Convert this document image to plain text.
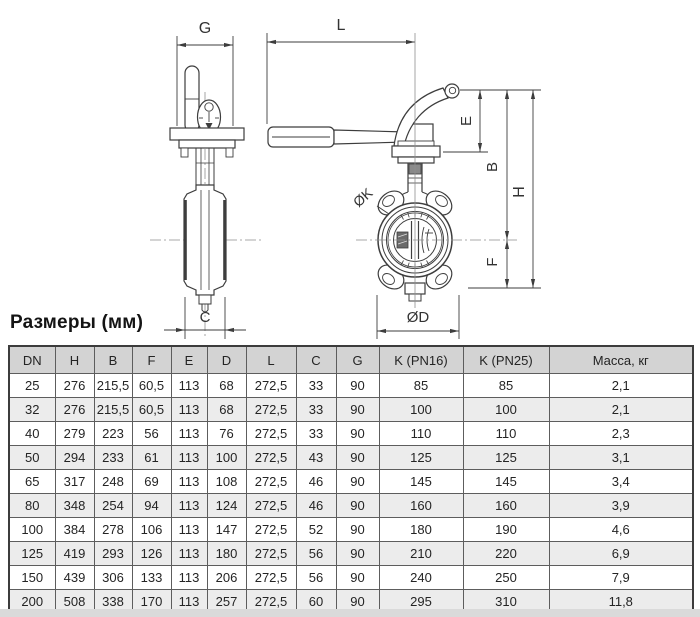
G
C
L
ØK
E
B
F
H
ØD
Размеры (мм)
DN	H	B	F	E	D	L	C	G	K (PN16)	K (PN25)	Масса, кг
25	276	215,5	60,5	113	68	272,5	33	90	85	85	2,1
32	276	215,5	60,5	113	68	272,5	33	90	100	100	2,1
40	279	223	56	113	76	272,5	33	90	110	110	2,3
50	294	233	61	113	100	272,5	43	90	125	125	3,1
65	317	248	69	113	108	272,5	46	90	145	145	3,4
80	348	254	94	113	124	272,5	46	90	160	160	3,9
100	384	278	106	113	147	272,5	52	90	180	190	4,6
125	419	293	126	113	180	272,5	56	90	210	220	6,9
150	439	306	133	113	206	272,5	56	90	240	250	7,9
200	508	338	170	113	257	272,5	60	90	295	310	11,8
